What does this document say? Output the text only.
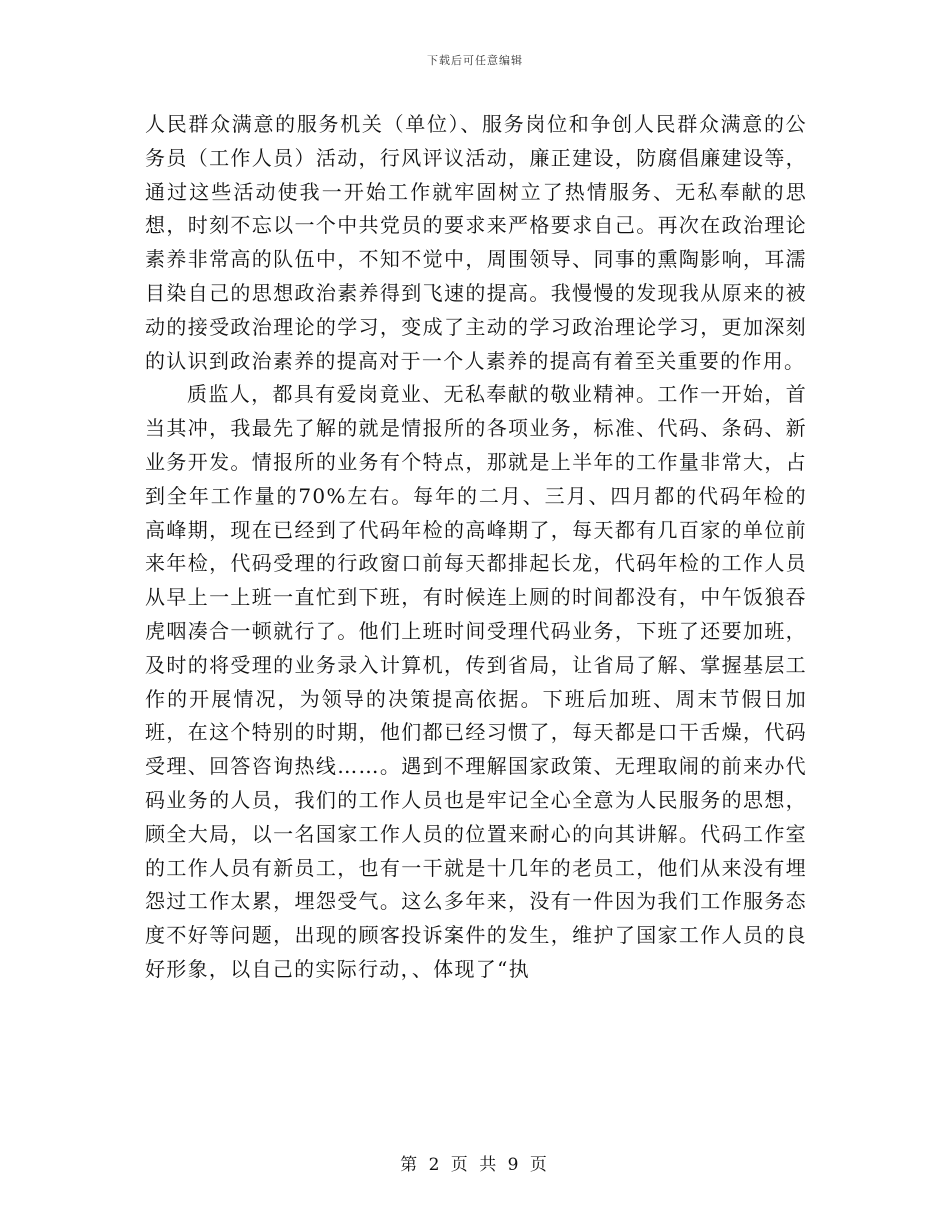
下载后可任意编辑

人民群众满意的服务机关（单位）、服务岗位和争创人民群众满意的公务员（工作人员）活动，行风评议活动，廉正建设，防腐倡廉建设等，通过这些活动使我一开始工作就牢固树立了热情服务、无私奉献的思想，时刻不忘以一个中共党员的要求来严格要求自己。再次在政治理论素养非常高的队伍中，不知不觉中，周围领导、同事的熏陶影响，耳濡目染自己的思想政治素养得到飞速的提高。我慢慢的发现我从原来的被动的接受政治理论的学习，变成了主动的学习政治理论学习，更加深刻的认识到政治素养的提高对于一个人素养的提高有着至关重要的作用。

质监人，都具有爱岗竟业、无私奉献的敬业精神。工作一开始，首当其冲，我最先了解的就是情报所的各项业务，标准、代码、条码、新业务开发。情报所的业务有个特点，那就是上半年的工作量非常大，占到全年工作量的70%左右。每年的二月、三月、四月都的代码年检的高峰期，现在已经到了代码年检的高峰期了，每天都有几百家的单位前来年检，代码受理的行政窗口前每天都排起长龙，代码年检的工作人员从早上一上班一直忙到下班，有时候连上厕的时间都没有，中午饭狼吞虎咽凑合一顿就行了。他们上班时间受理代码业务，下班了还要加班，及时的将受理的业务录入计算机，传到省局，让省局了解、掌握基层工作的开展情况，为领导的决策提高依据。下班后加班、周末节假日加班，在这个特别的时期，他们都已经习惯了，每天都是口干舌燥，代码受理、回答咨询热线……。遇到不理解国家政策、无理取闹的前来办代码业务的人员，我们的工作人员也是牢记全心全意为人民服务的思想，顾全大局，以一名国家工作人员的位置来耐心的向其讲解。代码工作室的工作人员有新员工，也有一干就是十几年的老员工，他们从来没有埋怨过工作太累，埋怨受气。这么多年来，没有一件因为我们工作服务态度不好等问题，出现的顾客投诉案件的发生，维护了国家工作人员的良好形象，以自己的实际行动，、体现了“执

第 2 页 共 9 页
